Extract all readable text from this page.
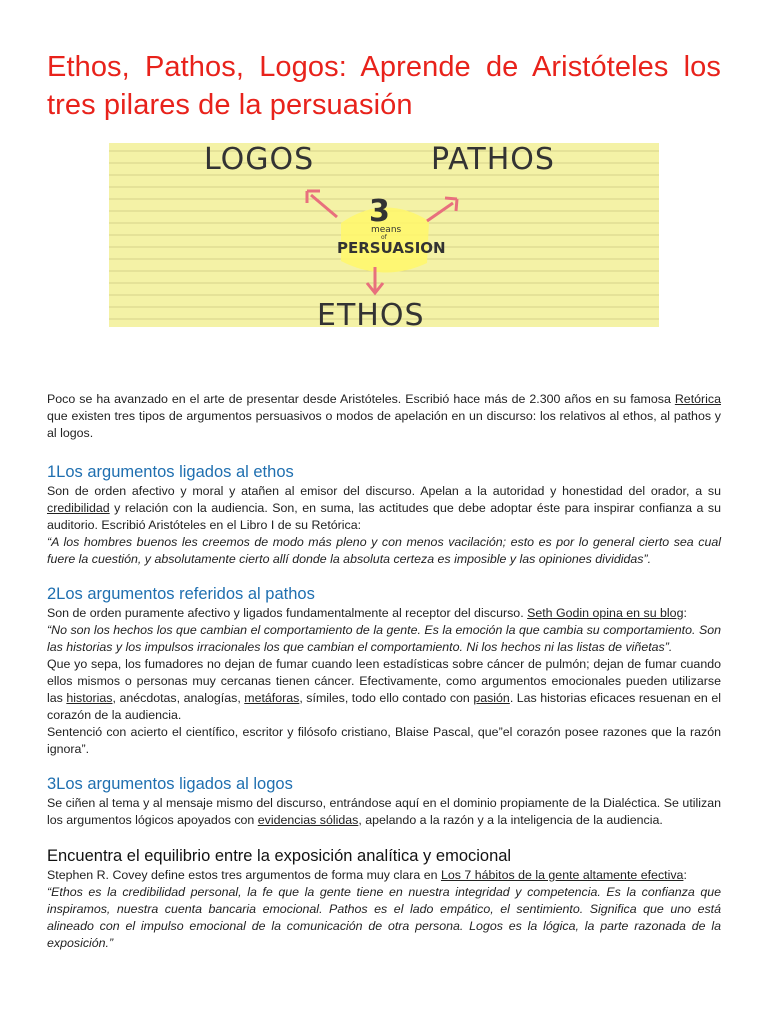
Ethos, Pathos, Logos: Aprende de Aristóteles los tres pilares de la persuasión
LOGOS	PATHOS
ETHOS
3
means
of
PERSUASION

Poco se ha avanzado en el arte de presentar desde Aristóteles. Escribió hace más de 2.300 años en su famosa Retórica que existen tres tipos de argumentos persuasivos o modos de apelación en un discurso: los relativos al ethos, al pathos y al logos.

1Los argumentos ligados al ethos

Son de orden afectivo y moral y atañen al emisor del discurso. Apelan a la autoridad y honestidad del orador, a su credibilidad y relación con la audiencia. Son, en suma, las actitudes que debe adoptar éste para inspirar confianza a su auditorio. Escribió Aristóteles en el Libro I de su Retórica:
“A los hombres buenos les creemos de modo más pleno y con menos vacilación; esto es por lo general cierto sea cual fuere la cuestión, y absolutamente cierto allí donde la absoluta certeza es imposible y las opiniones divididas”.

2Los argumentos referidos al pathos

Son de orden puramente afectivo y ligados fundamentalmente al receptor del discurso. Seth Godin opina en su blog:
“No son los hechos los que cambian el comportamiento de la gente. Es la emoción la que cambia su comportamiento. Son las historias y los impulsos irracionales los que cambian el comportamiento. Ni los hechos ni las listas de viñetas”.
Que yo sepa, los fumadores no dejan de fumar cuando leen estadísticas sobre cáncer de pulmón; dejan de fumar cuando ellos mismos o personas muy cercanas tienen cáncer. Efectivamente, como argumentos emocionales pueden utilizarse las historias, anécdotas, analogías, metáforas, símiles, todo ello contado con pasión. Las historias eficaces resuenan en el corazón de la audiencia.
Sentenció con acierto el científico, escritor y filósofo cristiano, Blaise Pascal, que”el corazón posee razones que la razón ignora”.

3Los argumentos ligados al logos

Se ciñen al tema y al mensaje mismo del discurso, entrándose aquí en el dominio propiamente de la Dialéctica. Se utilizan los argumentos lógicos apoyados con evidencias sólidas, apelando a la razón y a la inteligencia de la audiencia.

Encuentra el equilibrio entre la exposición analítica y emocional

Stephen R. Covey define estos tres argumentos de forma muy clara en Los 7 hábitos de la gente altamente efectiva:
“Ethos es la credibilidad personal, la fe que la gente tiene en nuestra integridad y competencia. Es la confianza que inspiramos, nuestra cuenta bancaria emocional. Pathos es el lado empático, el sentimiento. Significa que uno está alineado con el impulso emocional de la comunicación de otra persona. Logos es la lógica, la parte razonada de la exposición.”
